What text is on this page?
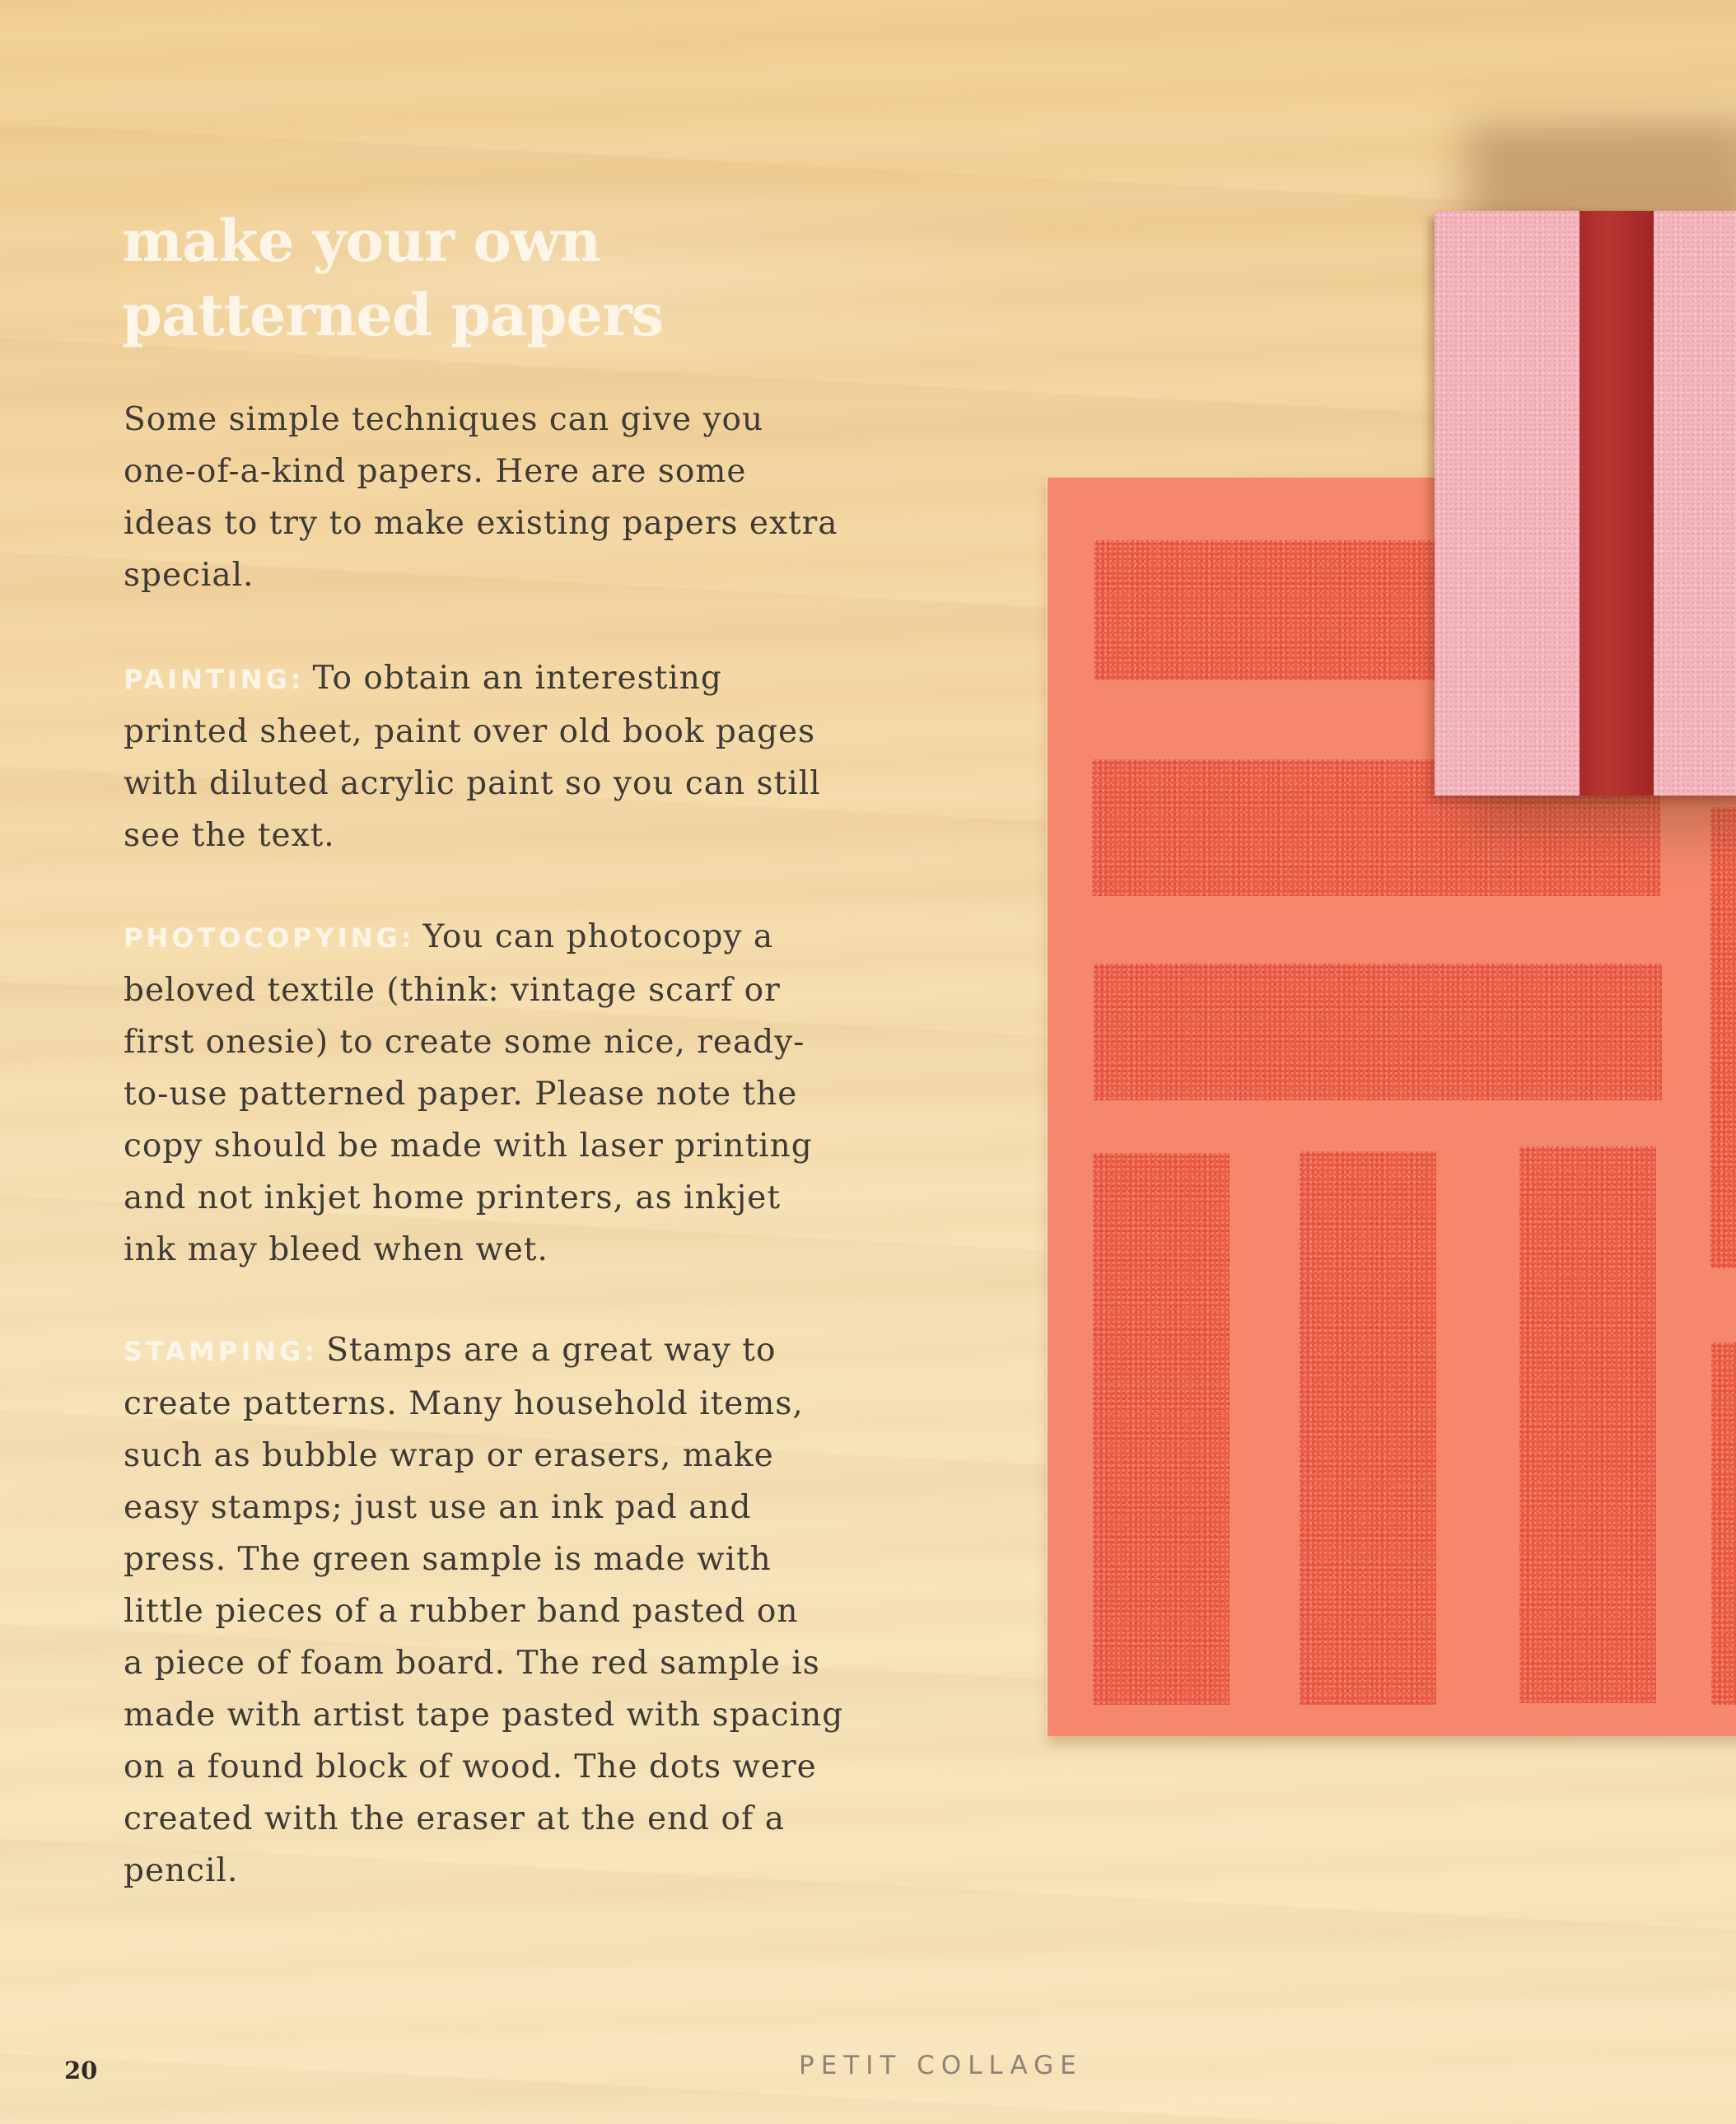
make your own
patterned papers

Some simple techniques can give you
one-of-a-kind papers. Here are some
ideas to try to make existing papers extra
special.

PAINTING: To obtain an interesting
printed sheet, paint over old book pages
with diluted acrylic paint so you can still
see the text.

PHOTOCOPYING: You can photocopy a
beloved textile (think: vintage scarf or
first onesie) to create some nice, ready-
to-use patterned paper. Please note the
copy should be made with laser printing
and not inkjet home printers, as inkjet
ink may bleed when wet.

STAMPING: Stamps are a great way to
create patterns. Many household items,
such as bubble wrap or erasers, make
easy stamps; just use an ink pad and
press. The green sample is made with
little pieces of a rubber band pasted on
a piece of foam board. The red sample is
made with artist tape pasted with spacing
on a found block of wood. The dots were
created with the eraser at the end of a
pencil.

20	PETIT COLLAGE
